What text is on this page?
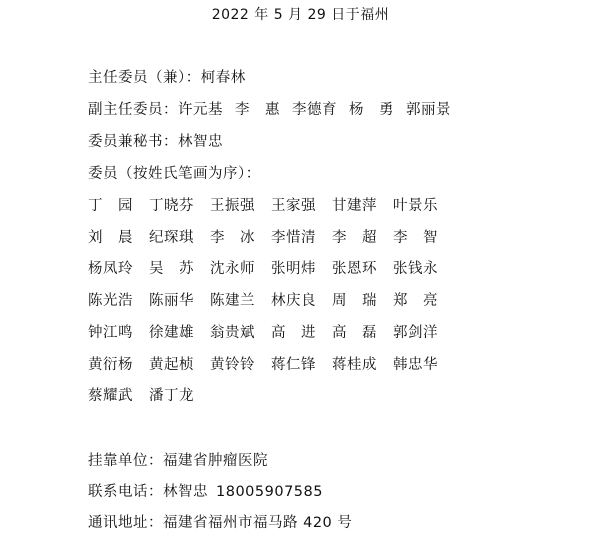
2022 年 5 月 29 日于福州
主任委员（兼）：柯春林
副主任委员：许元基 李　惠 李德育 杨　勇 郭丽景
委员兼秘书：林智忠
委员（按姓氏笔画为序）：
丁　园 丁晓芬 王振强 王家强 甘建萍 叶景乐
刘　晨 纪琛琪 李　冰 李惜清 李　超 李　智
杨凤玲 吴　苏 沈永师 张明炜 张恩环 张钱永
陈光浩 陈丽华 陈建兰 林庆良 周　瑞 郑　亮
钟江鸣 徐建雄 翁贵斌 高　进 高　磊 郭剑洋
黄衍杨 黄起桢 黄铃铃 蒋仁锋 蒋桂成 韩忠华
蔡耀武 潘丁龙
挂靠单位：福建省肿瘤医院
联系电话：林智忠 18005907585
通讯地址：福建省福州市福马路 420 号
